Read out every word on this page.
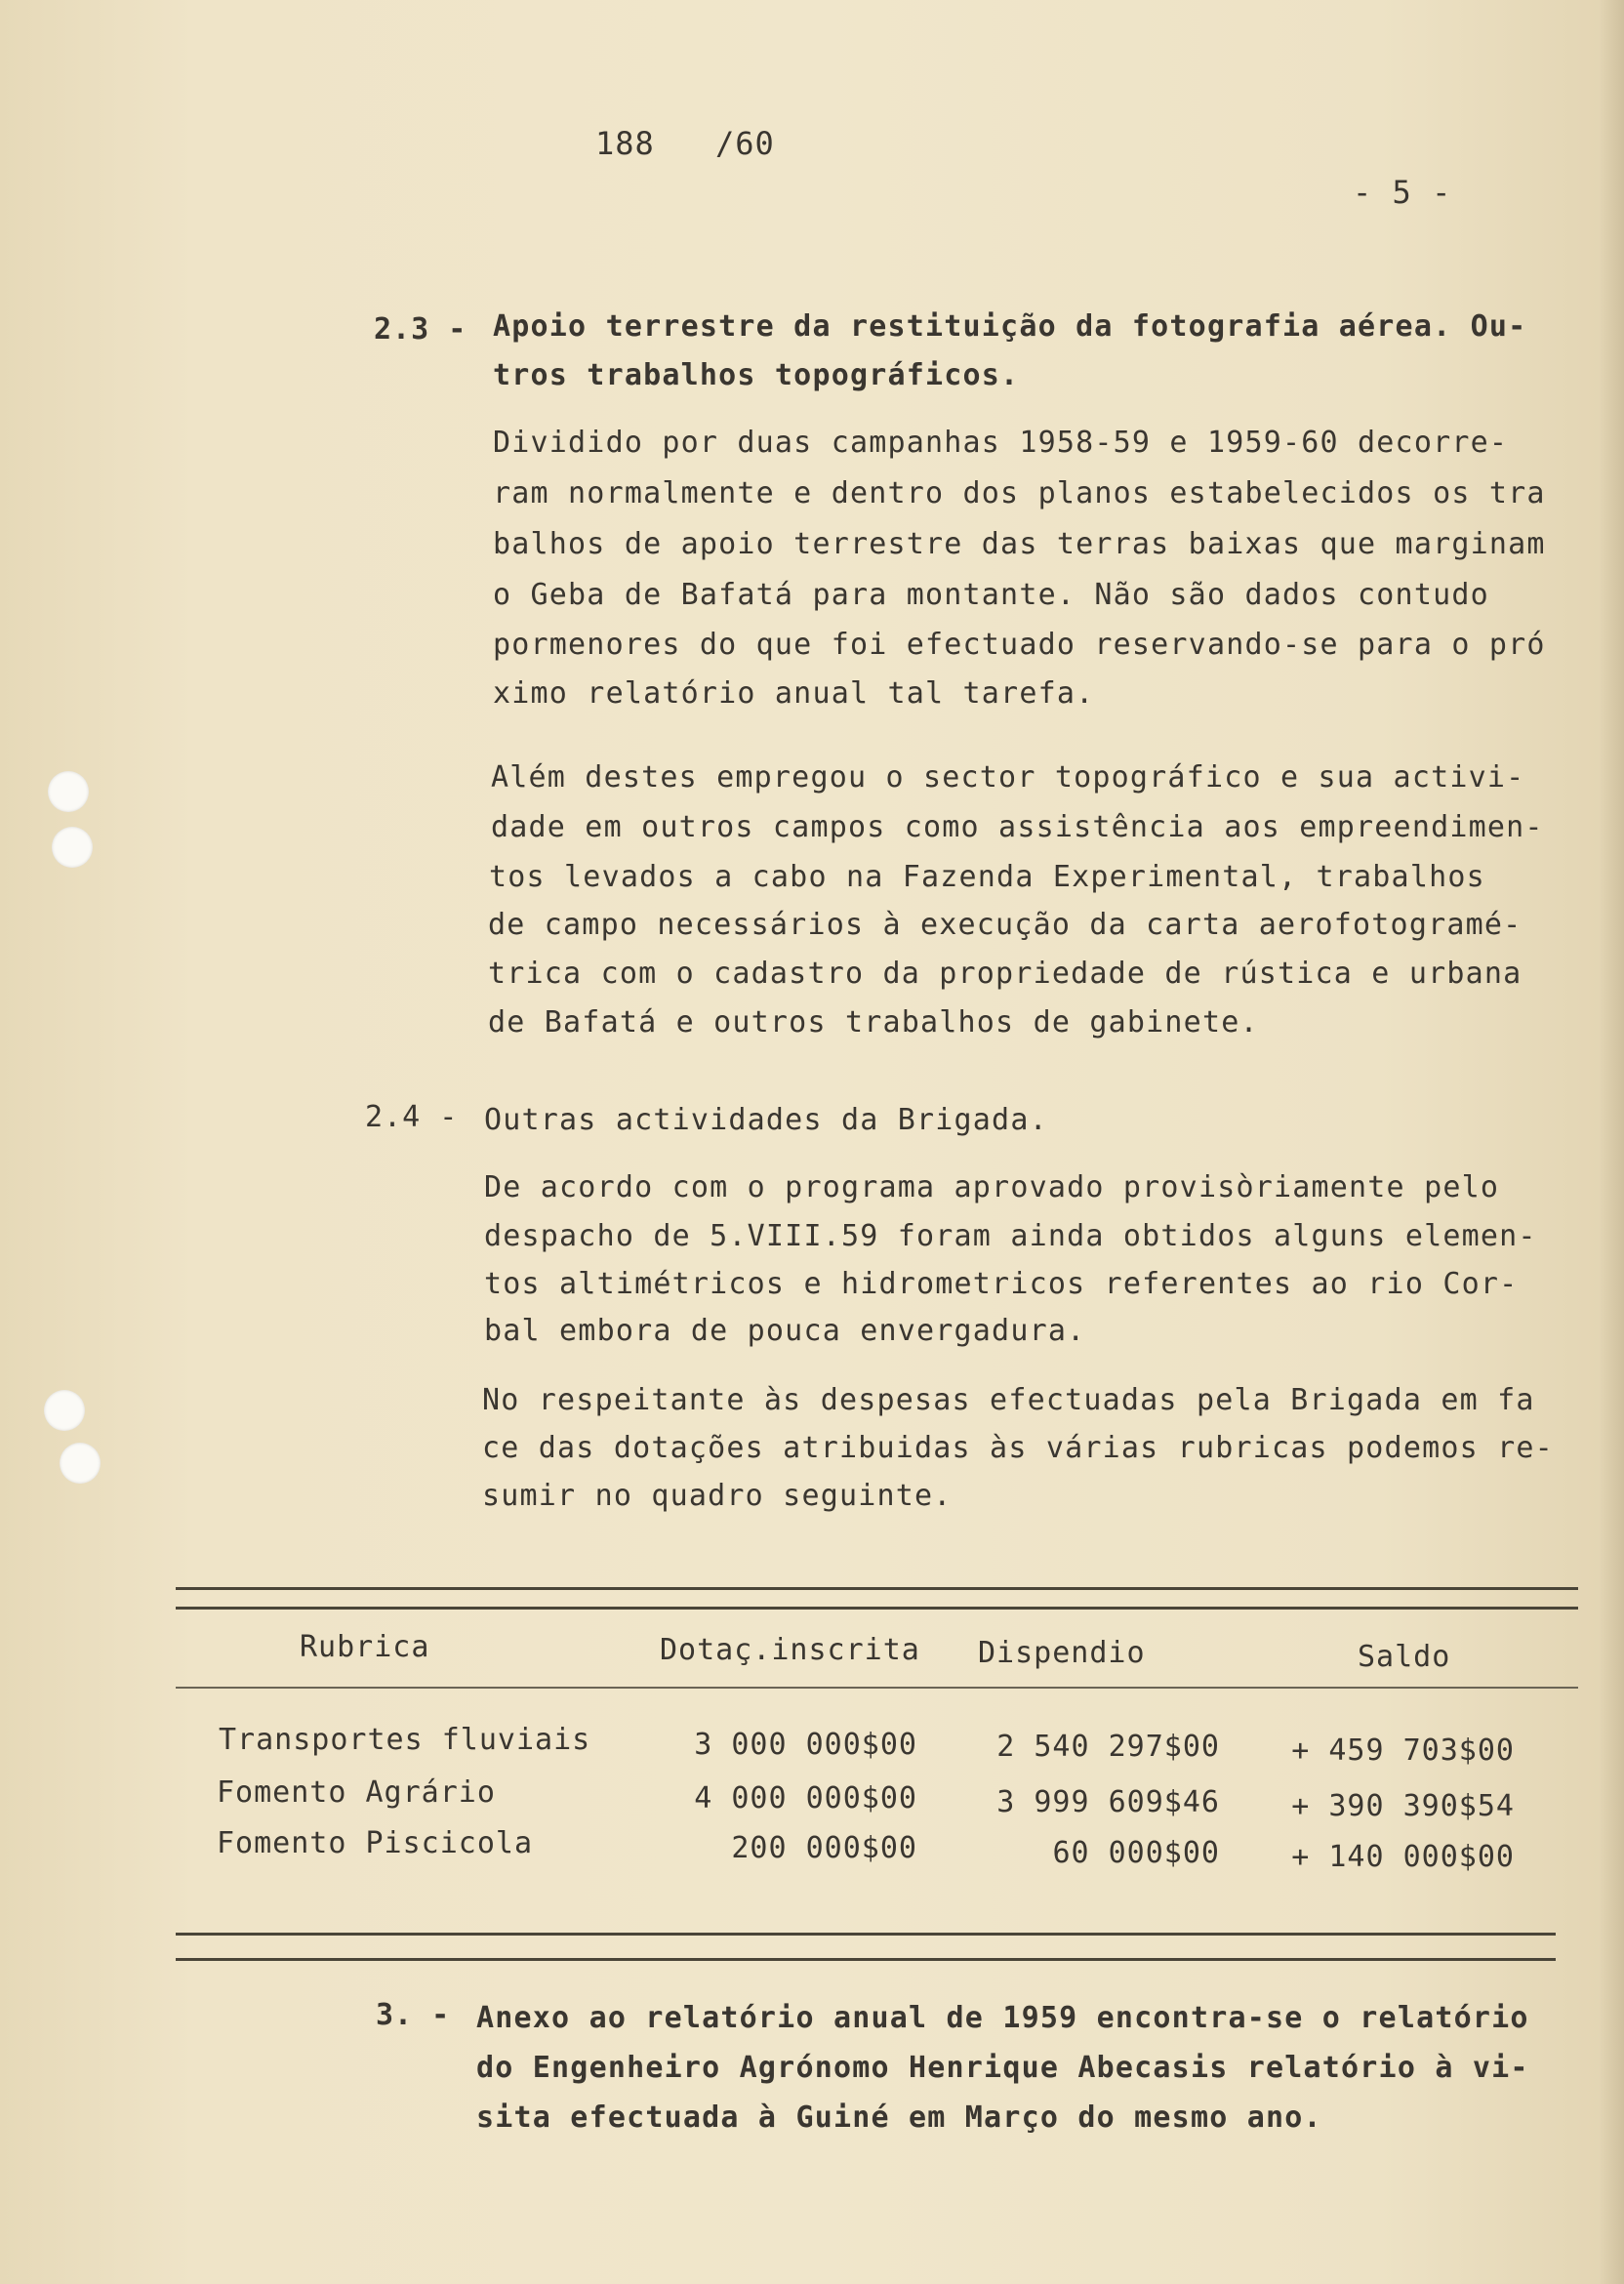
188 /60
- 5 -
2.3 - Apoio terrestre da restituição da fotografia aérea. Ou-
tros trabalhos topográficos.
Dividido por duas campanhas 1958-59 e 1959-60 decorre-
ram normalmente e dentro dos planos estabelecidos os tra
balhos de apoio terrestre das terras baixas que marginam
o Geba de Bafatá para montante. Não são dados contudo
pormenores do que foi efectuado reservando-se para o pró
ximo relatório anual tal tarefa.
Além destes empregou o sector topográfico e sua activi-
dade em outros campos como assistência aos empreendimen-
tos levados a cabo na Fazenda Experimental, trabalhos
de campo necessários à execução da carta aerofotogramé-
trica com o cadastro da propriedade de rústica e urbana
de Bafatá e outros trabalhos de gabinete.
2.4 - Outras actividades da Brigada.
De acordo com o programa aprovado provisòriamente pelo
despacho de 5.VIII.59 foram ainda obtidos alguns elemen-
tos altimétricos e hidrometricos referentes ao rio Cor-
bal embora de pouca envergadura.
No respeitante às despesas efectuadas pela Brigada em fa
ce das dotações atribuidas às várias rubricas podemos re-
sumir no quadro seguinte.
Rubrica	Dotaç.inscrita Dispendio	Saldo
Transportes fluviais	3 000 000$00	2 540 297$00	+ 459 703$00
Fomento Agrário	4 000 000$00	3 999 609$46	+ 390 390$54
Fomento Piscicola	200 000$00	60 000$00	+ 140 000$00
3. - Anexo ao relatório anual de 1959 encontra-se o relatório
do Engenheiro Agrónomo Henrique Abecasis relatório à vi-
sita efectuada à Guiné em Março do mesmo ano.
